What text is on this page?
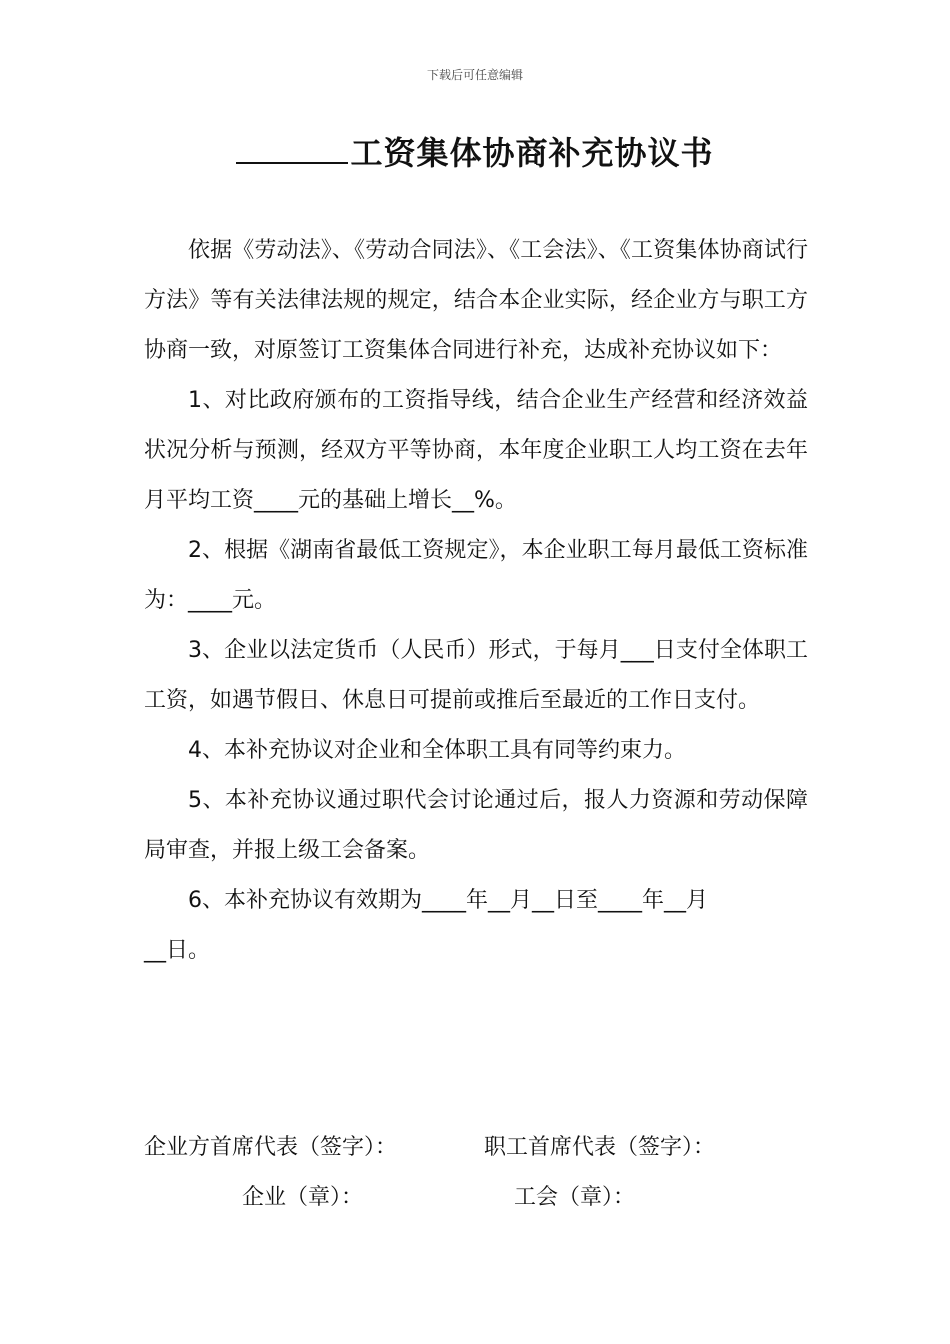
下载后可任意编辑
工资集体协商补充协议书

依据《劳动法》、《劳动合同法》、《工会法》、《工资集体协商试行方法》等有关法律法规的规定，结合本企业实际，经企业方与职工方 协商一致，对原签订工资集体合同进行补充，达成补充协议如下：

1、对比政府颁布的工资指导线，结合企业生产经营和经济效益状况分析与预测，经双方平等协商，本年度企业职工人均工资在去年月平均工资____元的基础上增长__%。

2、根据《湖南省最低工资规定》，本企业职工每月最低工资标准为：____元。

3、企业以法定货币（人民币）形式，于每月___日支付全体职工工资，如遇节假日、休息日可提前或推后至最近的工作日支付。

4、本补充协议对企业和全体职工具有同等约束力。

5、本补充协议通过职代会讨论通过后，报人力资源和劳动保障局审查，并报上级工会备案。

6、本补充协议有效期为____年__月__日至____年__月

__日。

企业方首席代表（签字）：	职工首席代表（签字）：
企业（章）：	工会（章）：
